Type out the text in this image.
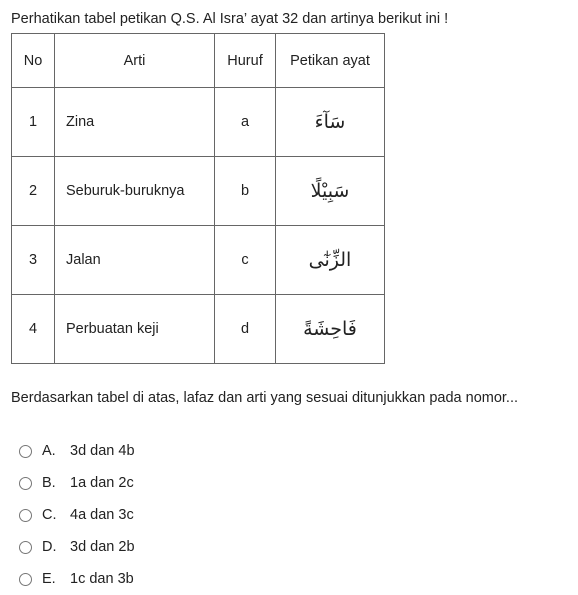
Perhatikan tabel petikan Q.S. Al Isra’ ayat 32 dan artinya berikut ini !
No	Arti	Huruf	Petikan ayat
1	Zina	a	سَآءَ
2	Seburuk-buruknya	b	سَبِيْلًا
3	Jalan	c	الزِّنٰٓى
4	Perbuatan keji	d	فَاحِشَةً
Berdasarkan tabel di atas, lafaz dan arti yang sesuai ditunjukkan pada nomor...
A. 3d dan 4b
B. 1a dan 2c
C. 4a dan 3c
D. 3d dan 2b
E. 1c dan 3b
